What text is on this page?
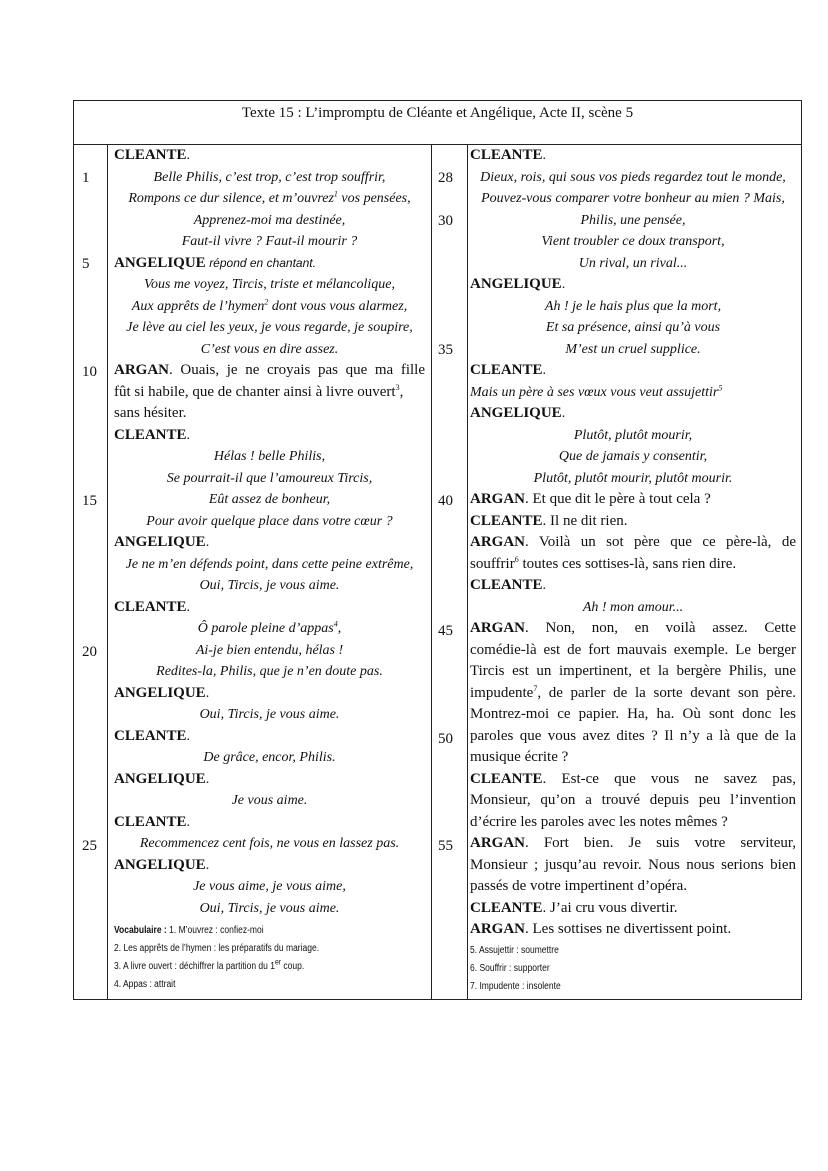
Texte 15 : L’impromptu de Cléante et Angélique, Acte II, scène 5
1
5
10
15
20
25
28
30
35
40
45
50
55
CLEANTE.
Belle Philis, c’est trop, c’est trop souffrir,
Rompons ce dur silence, et m’ouvrez$^1$ vos pensées,
Apprenez-moi ma destinée,
Faut-il vivre ? Faut-il mourir ?
ANGELIQUE répond en chantant.
Vous me voyez, Tircis, triste et mélancolique,
Aux apprêts de l’hymen$^2$ dont vous vous alarmez,
Je lève au ciel les yeux, je vous regarde, je soupire,
C’est vous en dire assez.
ARGAN. Ouais, je ne croyais pas que ma fille
fût si habile, que de chanter ainsi à livre ouvert$^3$,
sans hésiter.
CLEANTE.
Hélas ! belle Philis,
Se pourrait-il que l’amoureux Tircis,
Eût assez de bonheur,
Pour avoir quelque place dans votre cœur ?
ANGELIQUE.
Je ne m’en défends point, dans cette peine extrême,
Oui, Tircis, je vous aime.
CLEANTE.
Ô parole pleine d’appas$^4$,
Ai-je bien entendu, hélas !
Redites-la, Philis, que je n’en doute pas.
ANGELIQUE.
Oui, Tircis, je vous aime.
CLEANTE.
De grâce, encor, Philis.
ANGELIQUE.
Je vous aime.
CLEANTE.
Recommencez cent fois, ne vous en lassez pas.
ANGELIQUE.
Je vous aime, je vous aime,
Oui, Tircis, je vous aime.
Vocabulaire : 1. M’ouvrez : confiez-moi
2. Les apprêts de l’hymen : les préparatifs du mariage.
3. A livre ouvert : déchiffrer la partition du 1er coup.
4. Appas : attrait
CLEANTE.
Dieux, rois, qui sous vos pieds regardez tout le monde,
Pouvez-vous comparer votre bonheur au mien ? Mais,
Philis, une pensée,
Vient troubler ce doux transport,
Un rival, un rival...
ANGELIQUE.
Ah ! je le hais plus que la mort,
Et sa présence, ainsi qu’à vous
M’est un cruel supplice.
CLEANTE.
Mais un père à ses vœux vous veut assujettir$^5$
ANGELIQUE.
Plutôt, plutôt mourir,
Que de jamais y consentir,
Plutôt, plutôt mourir, plutôt mourir.
ARGAN. Et que dit le père à tout cela ?
CLEANTE. Il ne dit rien.
ARGAN. Voilà un sot père que ce père-là, de
souffrir$^6$ toutes ces sottises-là, sans rien dire.
CLEANTE.
Ah ! mon amour...
ARGAN. Non, non, en voilà assez. Cette
comédie-là est de fort mauvais exemple. Le berger
Tircis est un impertinent, et la bergère Philis, une
impudente$^7$, de parler de la sorte devant son père.
Montrez-moi ce papier. Ha, ha. Où sont donc les
paroles que vous avez dites ? Il n’y a là que de la
musique écrite ?
CLEANTE. Est-ce que vous ne savez pas,
Monsieur, qu’on a trouvé depuis peu l’invention
d’écrire les paroles avec les notes mêmes ?
ARGAN. Fort bien. Je suis votre serviteur,
Monsieur ; jusqu’au revoir. Nous nous serions bien
passés de votre impertinent d’opéra.
CLEANTE. J’ai cru vous divertir.
ARGAN. Les sottises ne divertissent point.
5. Assujettir : soumettre
6. Souffrir : supporter
7. Impudente : insolente
